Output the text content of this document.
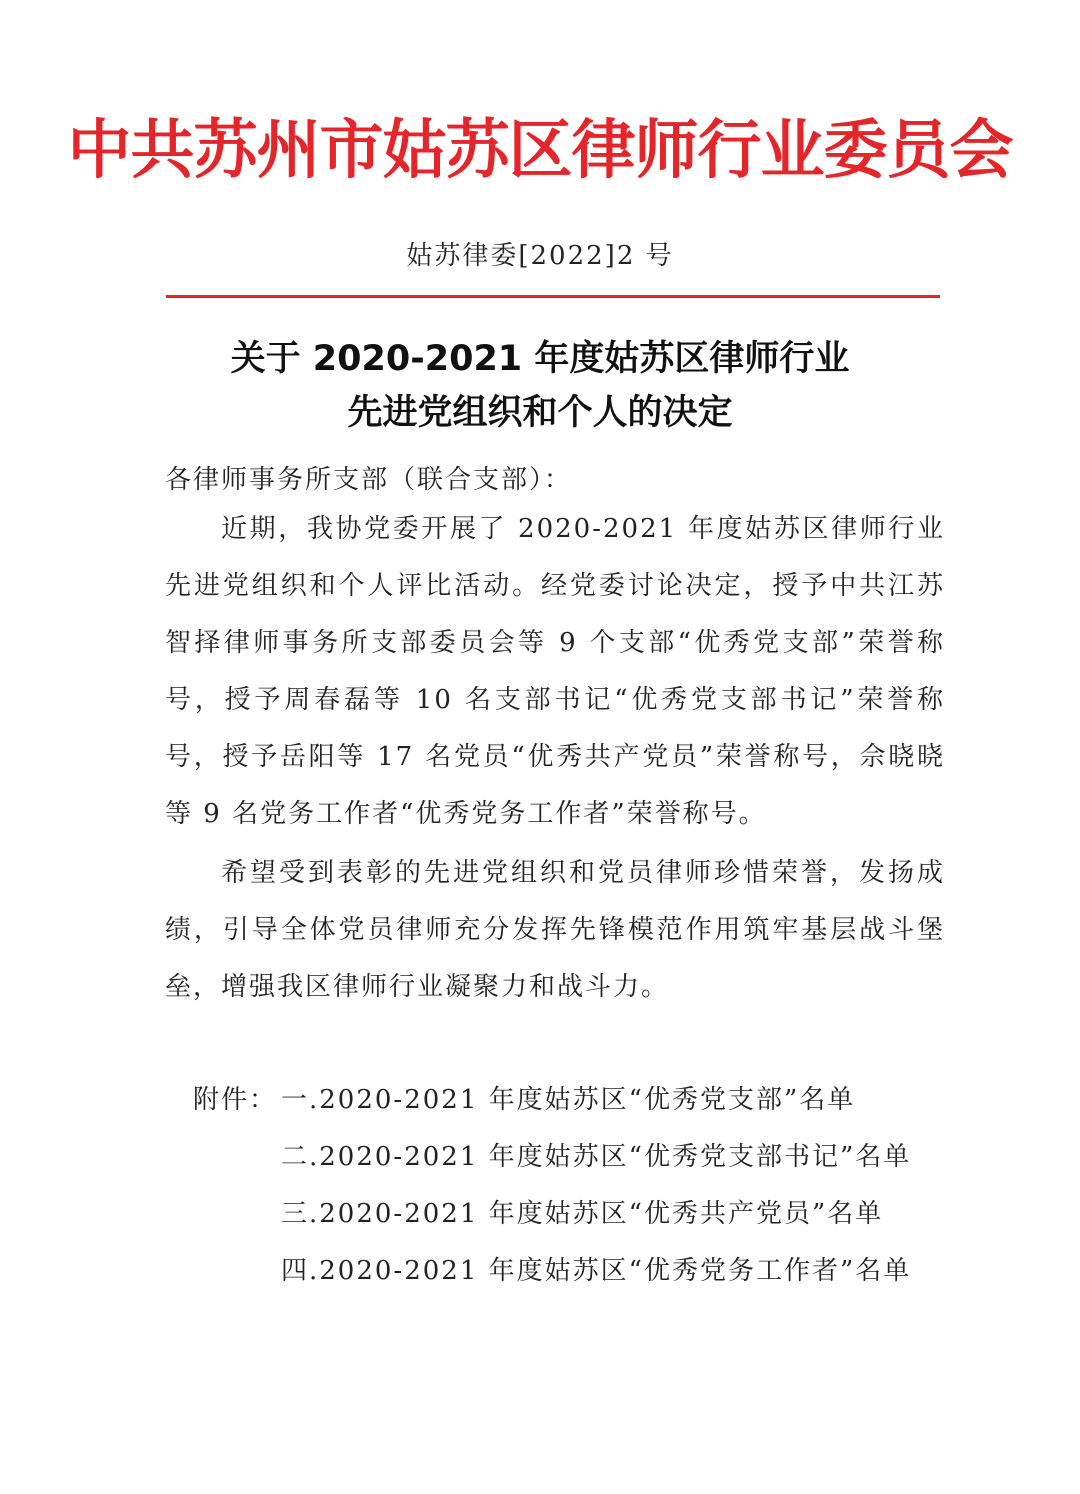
中共苏州市姑苏区律师行业委员会
姑苏律委[2022]2 号
关于 2020-2021 年度姑苏区律师行业
先进党组织和个人的决定
各律师事务所支部（联合支部）：
近期，我协党委开展了 2020-2021 年度姑苏区律师行业先进党组织和个人评比活动。经党委讨论决定，授予中共江苏智择律师事务所支部委员会等 9 个支部“优秀党支部”荣誉称号，授予周春磊等 10 名支部书记“优秀党支部书记”荣誉称号，授予岳阳等 17 名党员“优秀共产党员”荣誉称号，佘晓晓等 9 名党务工作者“优秀党务工作者”荣誉称号。
希望受到表彰的先进党组织和党员律师珍惜荣誉，发扬成绩，引导全体党员律师充分发挥先锋模范作用筑牢基层战斗堡垒，增强我区律师行业凝聚力和战斗力。
附件： 一.2020-2021 年度姑苏区“优秀党支部”名单
二.2020-2021 年度姑苏区“优秀党支部书记”名单
三.2020-2021 年度姑苏区“优秀共产党员”名单
四.2020-2021 年度姑苏区“优秀党务工作者”名单
